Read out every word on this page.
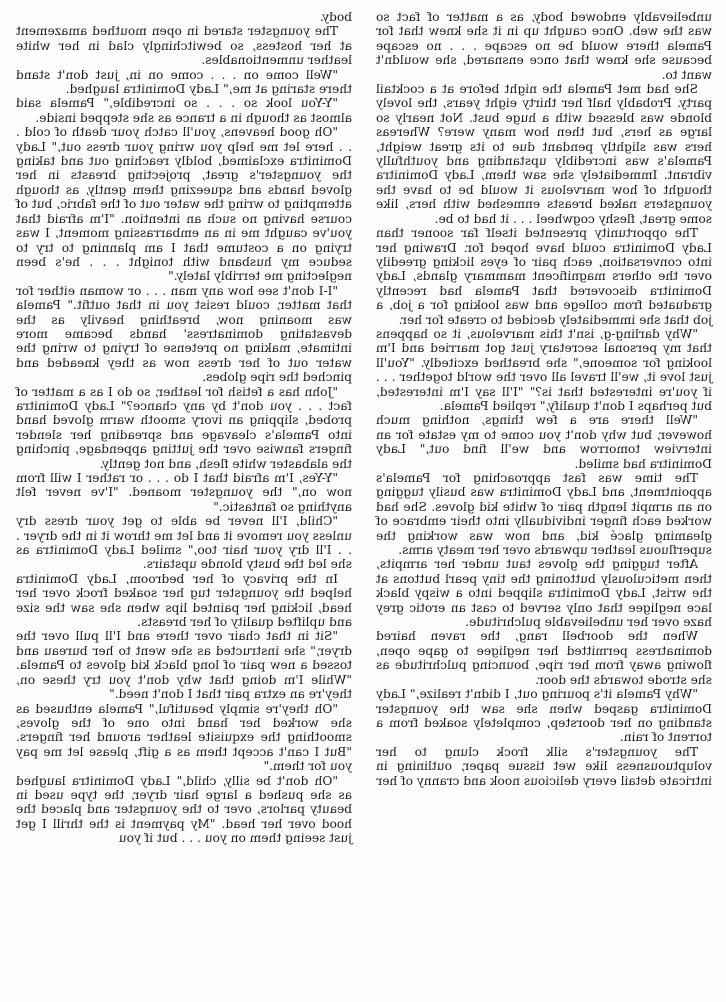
unbelievably endowed body, as a matter of fact so was the web. Once caught up in it she knew that for Pamela there would be no escape . . . no escape because she knew that once ensnared, she wouldn't want to.

She had met Pamela the night before at a cocktail party. Probably half her thirty eight years, the lovely blonde was blessed with a huge bust. Not nearly so large as hers, but then how many were? Whereas hers was slightly pendant due to its great weight, Pamela's was incredibly upstanding and youthfully vibrant. Immediately she saw them, Lady Dominitra thought of how marvelous it would be to have the youngsters naked breasts enmeshed with hers, like some great, fleshy cogwheel . . . it had to be.

The opportunity presented itself far sooner than Lady Dominitra could have hoped for. Drawing her into conversation, each pair of eyes licking greedily over the others magnificent mammary glands, Lady Dominitra discovered that Pamela had recently graduated from college and was looking for a job, a job that she immediately decided to create for her.

"Why darling-g, isn't this marvelous, it so happens that my personal secretary just got married and I'm looking for someone," she breathed excitedly. "You'll just love it, we'll travel all over the world together . . . if you're interested that is?" "I'll say I'm interested, but perhaps I don't qualify," replied Pamela.

"Well there are a few things, nothing much however, but why don't you come to my estate for an interview tomorrow and we'll find out," Lady Dominitra had smiled.

The time was fast approaching for Pamela's appointment, and Lady Dominitra was busily tugging on an armpit length pair of white kid gloves. She had worked each finger individually into their embrace of gleaming glacé kid, and now was working the superfluous leather upwards over her meaty arms.

After tugging the gloves taut under her armpits, then meticulously buttoning the tiny pearl buttons at the wrist, Lady Dominitra slipped into a wispy black lace negligee that only served to cast an erotic grey haze over her unbelievable pulchritude.

When the doorbell rang, the raven haired dominatress permitted her negligee to gape open, flowing away from her ripe, bouncing pulchritude as she strode towards the door.

"Why Pamela it's pouring out, I didn't realize," Lady Dominitra gasped when she saw the youngster standing on her doorstep, completely soaked from a torrent of rain.

The youngster's silk frock clung to her voluptuousness like wet tissue paper, outlining in intricate detail every delicious nook and cranny of her

body.

The youngster stared in open mouthed amazement at her hostess, so bewitchingly clad in her white leather unmentionables.

"Well come on . . . come on in, just don't stand there staring at me," Lady Dominitra laughed.

"Y-You look so . . . so incredible," Pamela said almost as though in a trance as she stepped inside.

"Oh good heavens, you'll catch your death of cold . . . here let me help you wring your dress out," Lady Dominitra exclaimed, boldly reaching out and taking the youngster's great, projecting breasts in her gloved hands and squeezing them gently, as though attempting to wring the water out of the fabric, but of course having no such an intention. "I'm afraid that you've caught me in an embarrassing moment, I was trying on a costume that I am planning to try to seduce my husband with tonight . . . he's been neglecting me terribly lately."

"I-I don't see how any man . . . or woman either for that matter, could resist you in that outfit." Pamela was moaning now, breathing heavily as the devastating dominatress' hands became more intimate, making no pretense of trying to wring the water out of her dress now as they kneaded and pinched the ripe globes.

"John has a fetish for leather, so do I as a matter of fact . . . you don't by any chance?" Lady Dominitra probed, slipping an ivory smooth warm gloved hand into Pamela's cleavage and spreading her slender fingers fanwise over the jutting appendage, pinching the alabaster white flesh, and not gently.

"Y-Yes, I'm afraid that I do . . . or rather I will from now on," the youngster moaned. "I've never felt anything so fantastic."

"Child, I'll never be able to get your dress dry unless you remove it and let me throw it in the dryer . . . I'll dry your hair too," smiled Lady Dominitra as she led the busty blonde upstairs.

In the privacy of her bedroom, Lady Dominitra helped the youngster tug her soaked frock over her head, licking her painted lips when she saw the size and uplifted quality of her breasts.

"Sit in that chair over there and I'll pull over the dryer," she instructed as she went to her bureau and tossed a new pair of long black kid gloves to Pamela. "While I'm doing that why don't you try these on, they're an extra pair that I don't need."

"Oh they're simply beautiful," Pamela enthused as she worked her hand into one of the gloves, smoothing the exquisite leather around her fingers. "But I can't accept them as a gift, please let me pay you for them."

"Oh don't be silly, child," Lady Dominitra laughed as she pushed a large hair dryer, the type used in beauty parlors, over to the youngster and placed the hood over her head. "My payment is the thrill I get just seeing them on you . . . but if you
